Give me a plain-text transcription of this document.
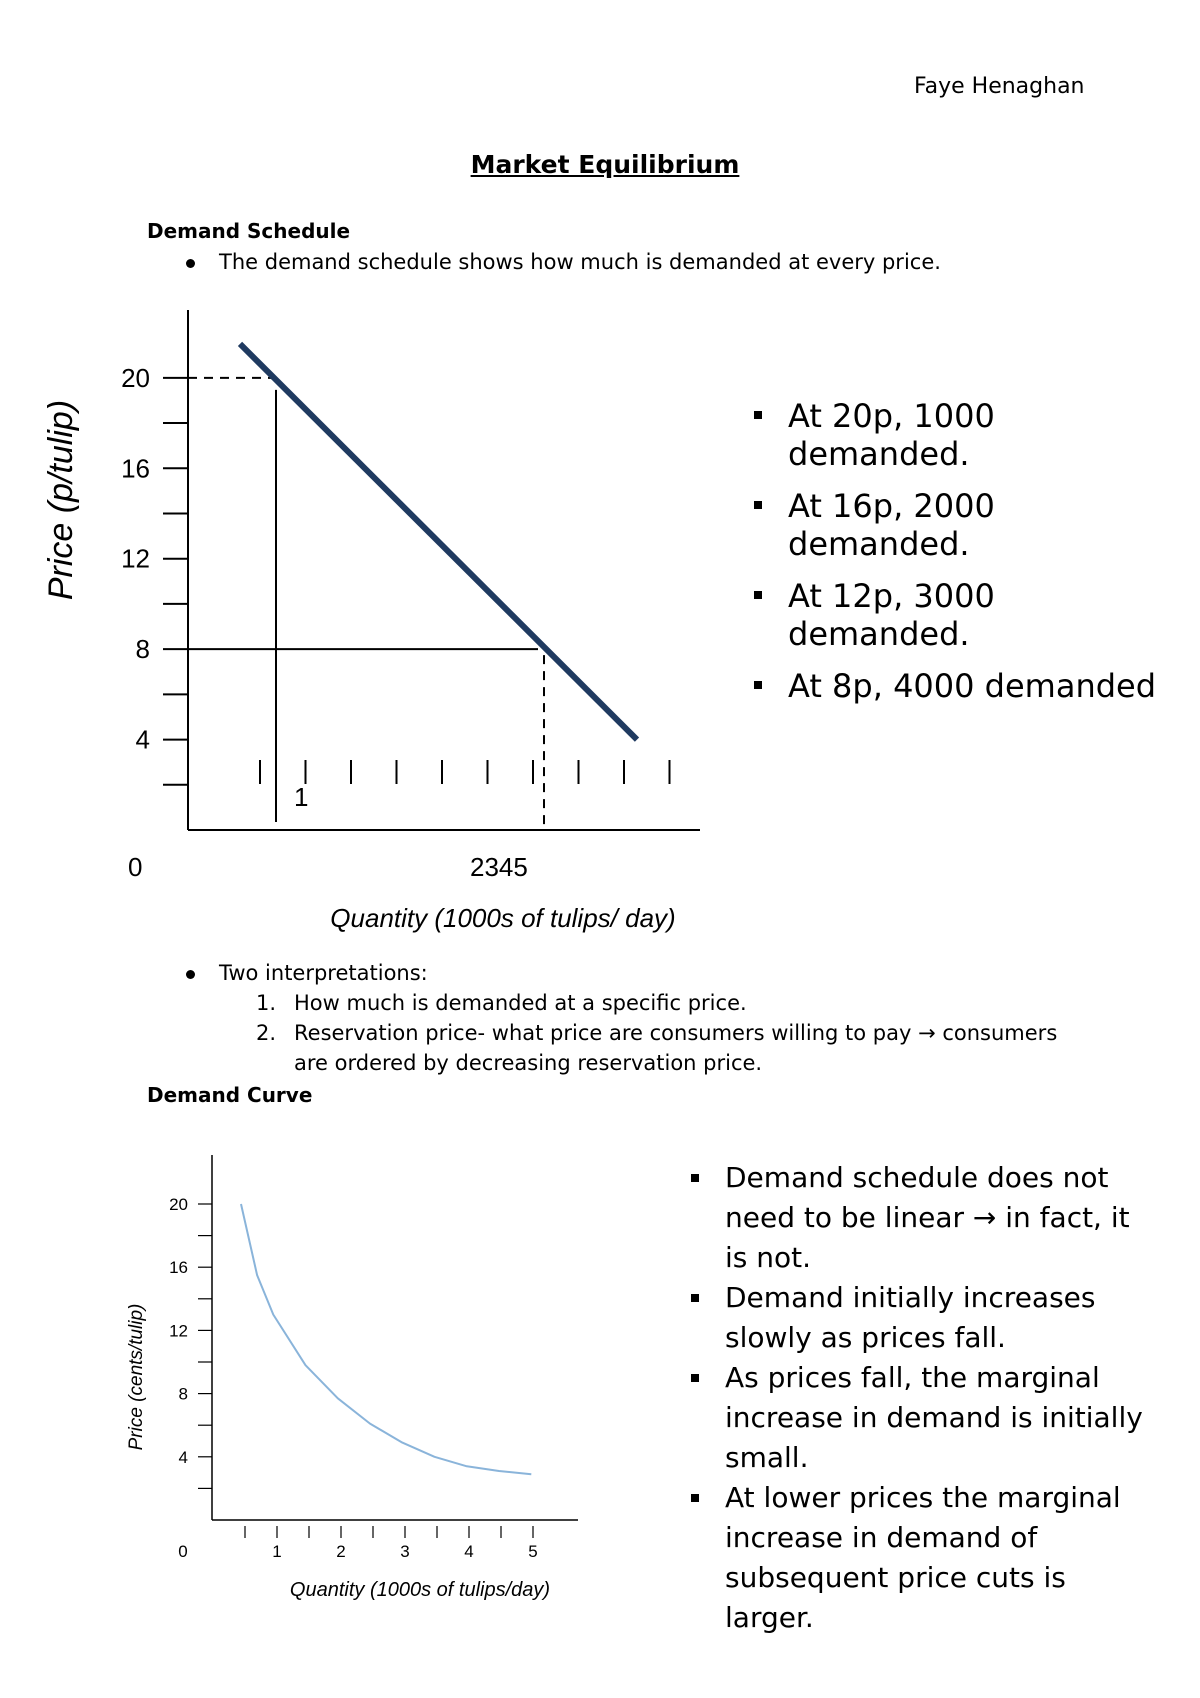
Faye Henaghan
Market Equilibrium
Demand Schedule
The demand schedule shows how much is demanded at every price.
20
16
12
8
4
0	2345
1
Quantity (1000s of tulips/ day)
Price (p/tulip)	At 20p, 1000 demanded.
At 16p, 2000 demanded.
At 12p, 3000 demanded.
At 8p, 4000 demanded
Two interpretations:
1. How much is demanded at a specific price.
2. Reservation price- what price are consumers willing to pay → consumers are ordered by decreasing reservation price.
Demand Curve
20
16
12
8
4
0	1	2	3	4	5
Quantity (1000s of tulips/day)
Price (cents/tulip)
Demand schedule does not need to be linear → in fact, it is not.
Demand initially increases slowly as prices fall.
As prices fall, the marginal increase in demand is initially small.
At lower prices the marginal increase in demand of subsequent price cuts is larger.
